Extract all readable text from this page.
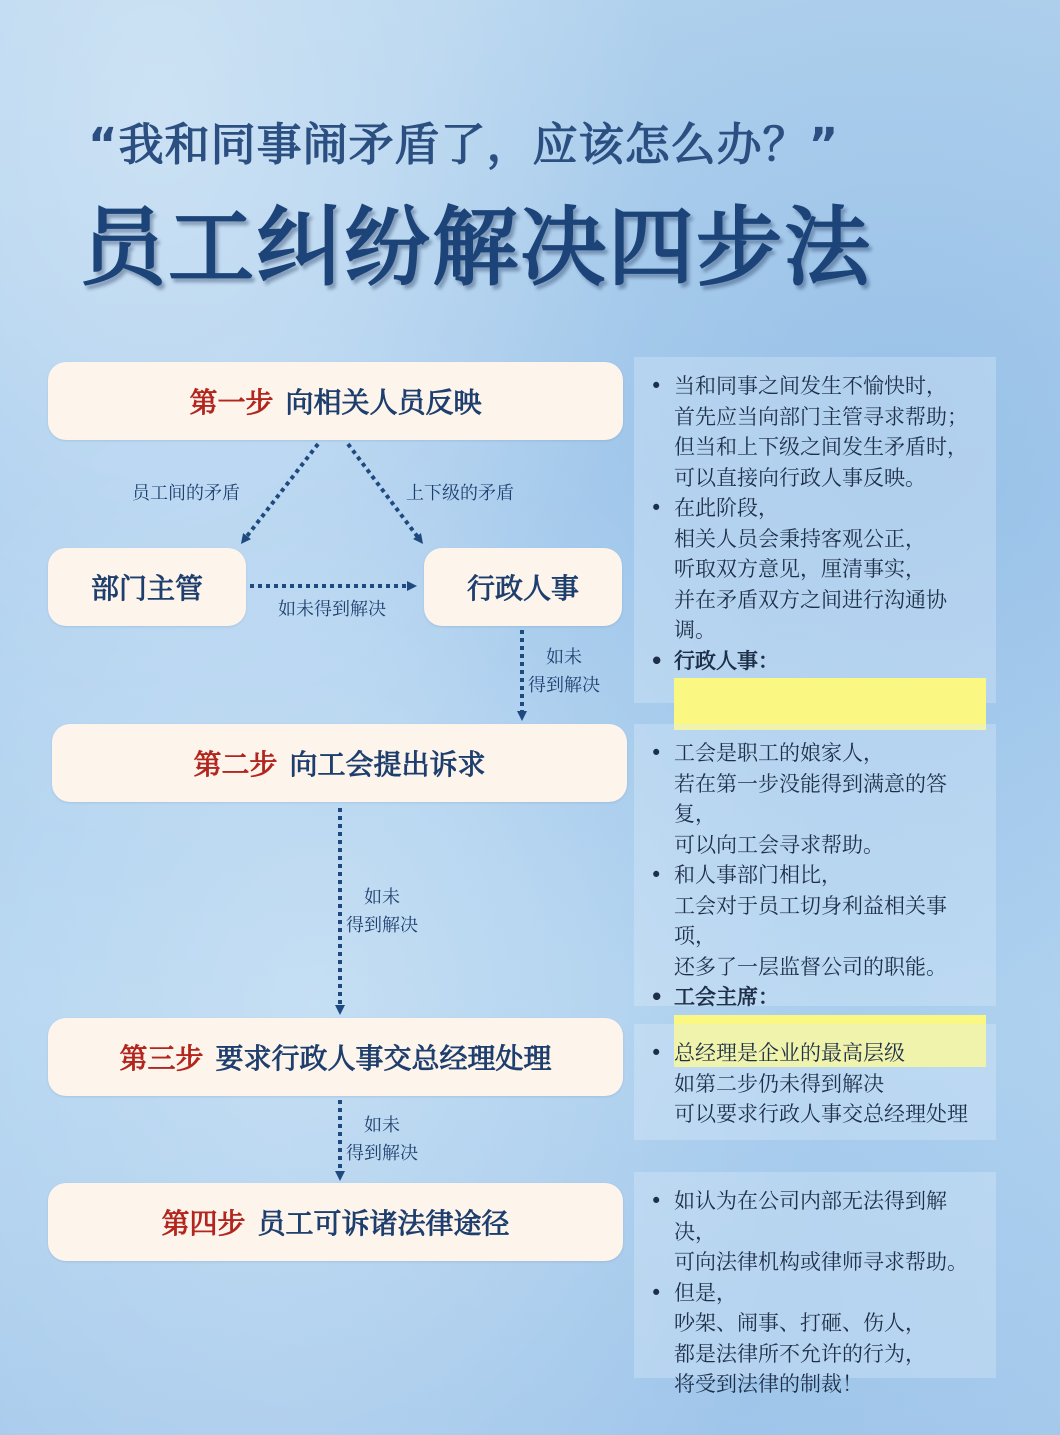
“我和同事闹矛盾了，应该怎么办？”
员工纠纷解决四步法
第一步 向相关人员反映
员工间的矛盾	上下级的矛盾
部门主管	行政人事
如未得到解决
如未
得到解决
第二步 向工会提出诉求
如未
得到解决
第三步 要求行政人事交总经理处理
如未
得到解决
第四步 员工可诉诸法律途径
• 当和同事之间发生不愉快时，
首先应当向部门主管寻求帮助；
但当和上下级之间发生矛盾时，
可以直接向行政人事反映。
• 在此阶段，
相关人员会秉持客观公正，
听取双方意见，厘清事实，
并在矛盾双方之间进行沟通协调。
• 行政人事：
• 工会是职工的娘家人，
若在第一步没能得到满意的答复，
可以向工会寻求帮助。
• 和人事部门相比，
工会对于员工切身利益相关事项，
还多了一层监督公司的职能。
• 工会主席：
• 总经理是企业的最高层级
如第二步仍未得到解决
可以要求行政人事交总经理处理
• 如认为在公司内部无法得到解决，
可向法律机构或律师寻求帮助。
• 但是，
吵架、闹事、打砸、伤人，
都是法律所不允许的行为，
将受到法律的制裁！
